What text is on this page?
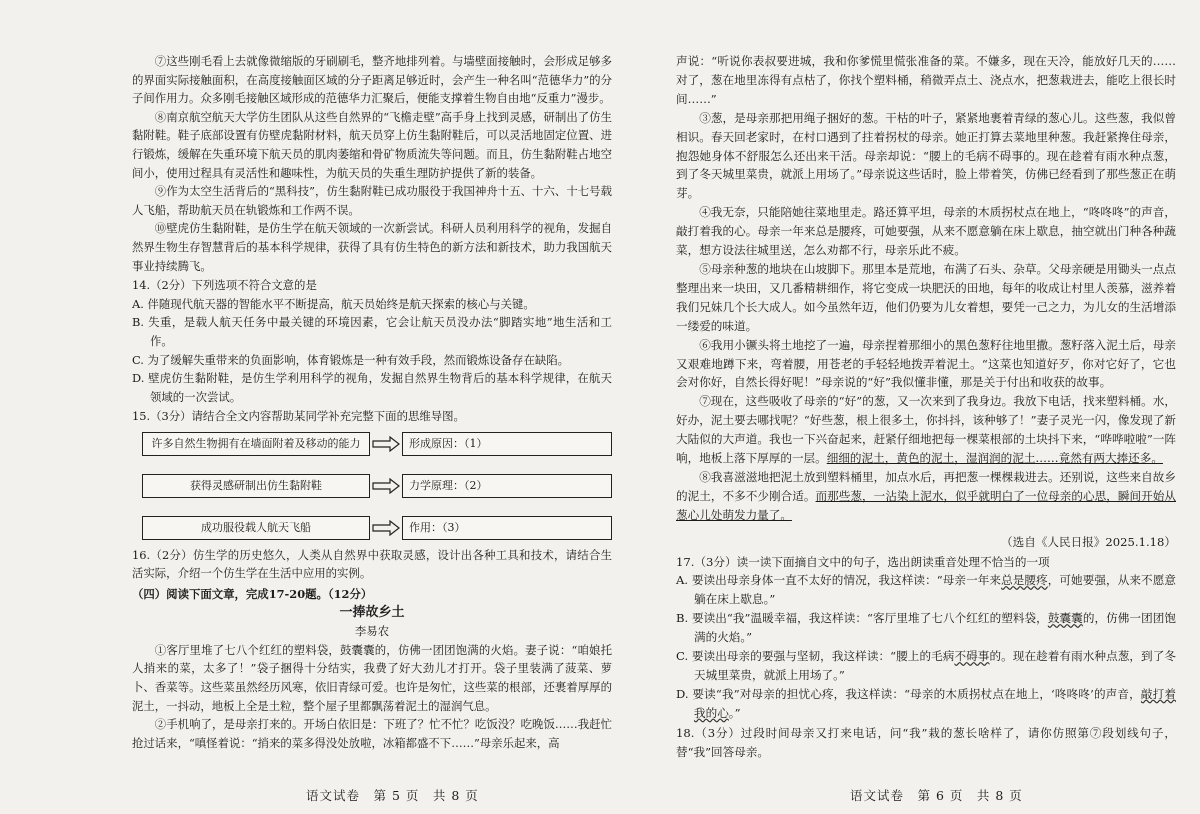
⑦这些刚毛看上去就像微缩版的牙刷刷毛，整齐地排列着。与墙壁面接触时，会形成足够多的界面实际接触面积，在高度接触面区域的分子距离足够近时，会产生一种名叫“范德华力”的分子间作用力。众多刚毛接触区域形成的范德华力汇聚后，便能支撑着生物自由地“反重力”漫步。

⑧南京航空航天大学仿生团队从这些自然界的“飞檐走壁”高手身上找到灵感，研制出了仿生黏附鞋。鞋子底部设置有仿壁虎黏附材料，航天员穿上仿生黏附鞋后，可以灵活地固定位置、进行锻炼，缓解在失重环境下航天员的肌肉萎缩和骨矿物质流失等问题。而且，仿生黏附鞋占地空间小，使用过程具有灵活性和趣味性，为航天员的失重生理防护提供了新的装备。

⑨作为太空生活背后的“黑科技”，仿生黏附鞋已成功服役于我国神舟十五、十六、十七号载人飞船，帮助航天员在轨锻炼和工作两不误。

⑩壁虎仿生黏附鞋，是仿生学在航天领域的一次新尝试。科研人员利用科学的视角，发掘自然界生物生存智慧背后的基本科学规律，获得了具有仿生特色的新方法和新技术，助力我国航天事业持续腾飞。

14.（2分）下列选项不符合文意的是

A. 伴随现代航天器的智能水平不断提高，航天员始终是航天探索的核心与关键。

B. 失重，是载人航天任务中最关键的环境因素，它会让航天员没办法“脚踏实地”地生活和工作。

C. 为了缓解失重带来的负面影响，体育锻炼是一种有效手段，然而锻炼设备存在缺陷。

D. 壁虎仿生黏附鞋，是仿生学利用科学的视角，发掘自然界生物背后的基本科学规律，在航天领域的一次尝试。

15.（3分）请结合全文内容帮助某同学补充完整下面的思维导图。

许多自然生物拥有在墙面附着及移动的能力	形成原因：（1）
获得灵感研制出仿生黏附鞋	力学原理：（2）
成功服役载人航天飞船	作用：（3）

16.（2分）仿生学的历史悠久，人类从自然界中获取灵感，设计出各种工具和技术，请结合生活实际，介绍一个仿生学在生活中应用的实例。

（四）阅读下面文章，完成17-20题。（12分）

一捧故乡土

李易农

①客厅里堆了七八个红红的塑料袋，鼓囊囊的，仿佛一团团饱满的火焰。妻子说：“咱娘托人捎来的菜，太多了！”袋子捆得十分结实，我费了好大劲儿才打开。袋子里装满了菠菜、萝卜、香菜等。这些菜虽然经历风寒，依旧青绿可爱。也许是匆忙，这些菜的根部，还裹着厚厚的泥土，一抖动，地板上全是土粒，整个屋子里都飘荡着泥土的湿润气息。

②手机响了，是母亲打来的。开场白依旧是：下班了？忙不忙？吃饭没？吃晚饭……我赶忙抢过话来，“嗔怪着说：“捎来的菜多得没处放啦，冰箱都盛不下……”母亲乐起来，高

语文试卷　第 5 页　共 8 页

声说：“听说你表叔要进城，我和你爹慌里慌张准备的菜。不嫌多，现在天冷，能放好几天的……对了，葱在地里冻得有点枯了，你找个塑料桶，稍微弄点土、浇点水，把葱栽进去，能吃上很长时间……”

③葱，是母亲那把用绳子捆好的葱。干枯的叶子，紧紧地裹着青绿的葱心儿。这些葱，我似曾相识。春天回老家时，在村口遇到了拄着拐杖的母亲。她正打算去菜地里种葱。我赶紧搀住母亲，抱怨她身体不舒服怎么还出来干活。母亲却说：“腰上的毛病不碍事的。现在趁着有雨水种点葱，到了冬天城里菜贵，就派上用场了。”母亲说这些话时，脸上带着笑，仿佛已经看到了那些葱正在萌芽。

④我无奈，只能陪她往菜地里走。路还算平坦，母亲的木质拐杖点在地上，“咚咚咚”的声音，敲打着我的心。母亲一年来总是腰疼，可她要强，从来不愿意躺在床上歇息，抽空就出门种各种蔬菜，想方设法往城里送，怎么劝都不行，母亲乐此不疲。

⑤母亲种葱的地块在山坡脚下。那里本是荒地，布满了石头、杂草。父母亲硬是用锄头一点点整理出来一块田，又几番精耕细作，将它变成一块肥沃的田地，每年的收成让村里人羡慕，滋养着我们兄妹几个长大成人。如今虽然年迈，他们仍要为儿女着想，要凭一己之力，为儿女的生活增添一缕爱的味道。

⑥我用小镢头将土地挖了一遍，母亲捏着那细小的黑色葱籽往地里撒。葱籽落入泥土后，母亲又艰难地蹲下来，弯着腰，用苍老的手轻轻地拨弄着泥土。“这菜也知道好歹，你对它好了，它也会对你好，自然长得好呢！”母亲说的“好”我似懂非懂，那是关于付出和收获的故事。

⑦现在，这些吸收了母亲的“好”的葱，又一次来到了我身边。我放下电话，找来塑料桶。水，好办，泥土要去哪找呢？“好些葱，根上很多土，你抖抖，该种够了！”妻子灵光一闪，像发现了新大陆似的大声道。我也一下兴奋起来，赶紧仔细地把每一棵菜根部的土块抖下来，“哗哗啦啦”一阵响，地板上落下厚厚的一层。细细的泥土，黄色的泥土，湿润润的泥土……竟然有两大捧还多。

⑧我喜滋滋地把泥土放到塑料桶里，加点水后，再把葱一棵棵栽进去。还别说，这些来自故乡的泥土，不多不少刚合适。而那些葱，一沾染上泥水，似乎就明白了一位母亲的心思，瞬间开始从葱心儿处萌发力量了。

（选自《人民日报》2025.1.18）

17.（3分）读一读下面摘自文中的句子，选出朗读重音处理不恰当的一项

A. 要读出母亲身体一直不太好的情况，我这样读：“母亲一年来总是腰疼，可她要强，从来不愿意躺在床上歇息。”

B. 要读出“我”温暖幸福，我这样读：“客厅里堆了七八个红红的塑料袋，鼓囊囊的，仿佛一团团饱满的火焰。”

C. 要读出母亲的要强与坚韧，我这样读：“腰上的毛病不碍事的。现在趁着有雨水种点葱，到了冬天城里菜贵，就派上用场了。”

D. 要读“我”对母亲的担忧心疼，我这样读：“母亲的木质拐杖点在地上，‘咚咚咚’的声音，敲打着我的心。”

18.（3分）过段时间母亲又打来电话，问“我”栽的葱长啥样了，请你仿照第⑦段划线句子，替“我”回答母亲。

语文试卷　第 6 页　共 8 页
